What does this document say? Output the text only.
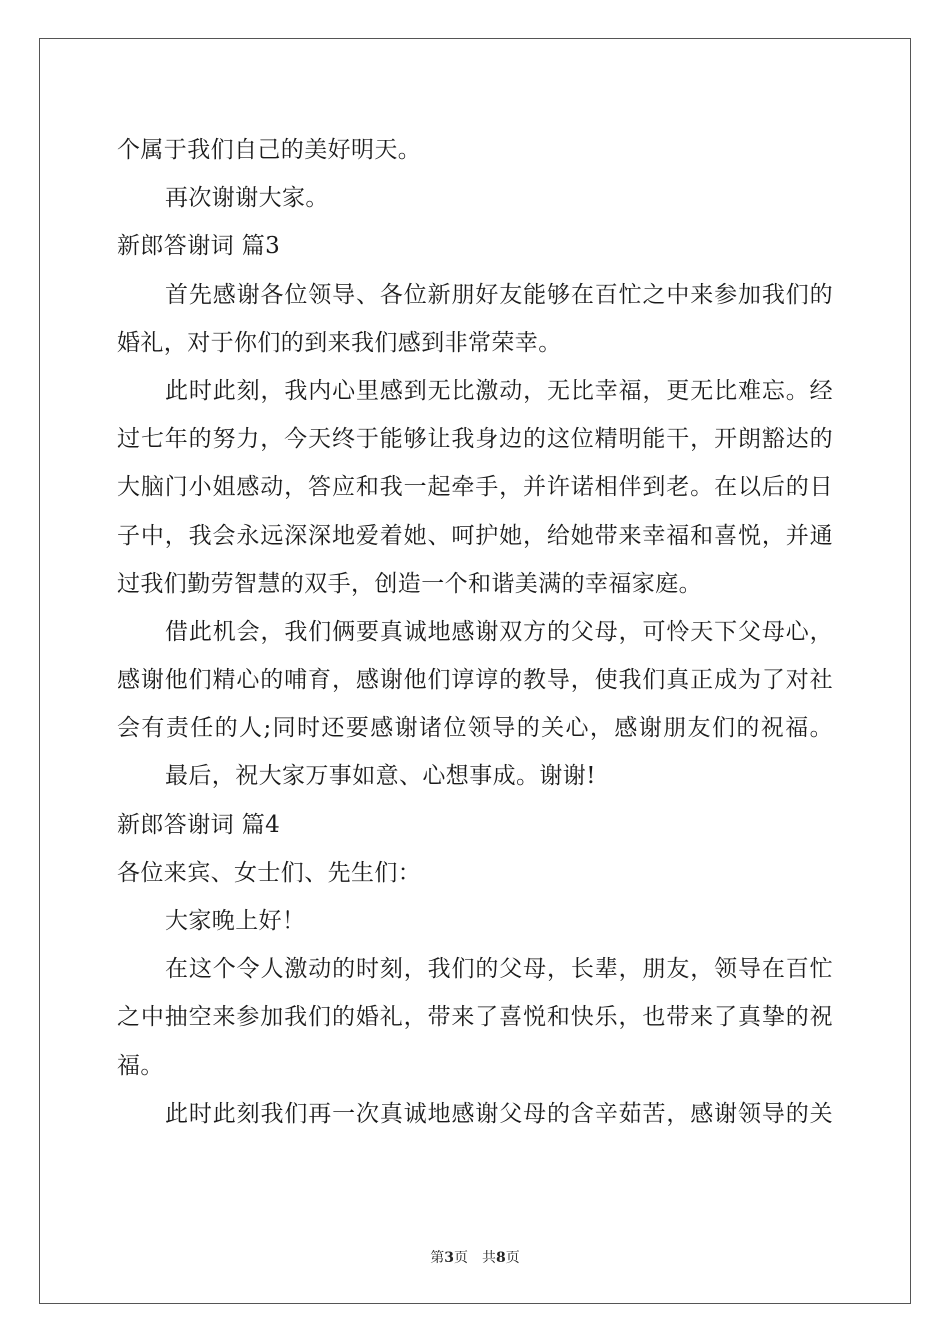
个属于我们自己的美好明天。
再次谢谢大家。
新郎答谢词 篇3
首先感谢各位领导、各位新朋好友能够在百忙之中来参加我们的
婚礼，对于你们的到来我们感到非常荣幸。
此时此刻，我内心里感到无比激动，无比幸福，更无比难忘。经
过七年的努力，今天终于能够让我身边的这位精明能干，开朗豁达的
大脑门小姐感动，答应和我一起牵手，并许诺相伴到老。在以后的日
子中，我会永远深深地爱着她、呵护她，给她带来幸福和喜悦，并通
过我们勤劳智慧的双手，创造一个和谐美满的幸福家庭。
借此机会，我们俩要真诚地感谢双方的父母，可怜天下父母心，
感谢他们精心的哺育，感谢他们谆谆的教导，使我们真正成为了对社
会有责任的人;同时还要感谢诸位领导的关心，感谢朋友们的祝福。
最后，祝大家万事如意、心想事成。谢谢!
新郎答谢词 篇4
各位来宾、女士们、先生们：
大家晚上好！
在这个令人激动的时刻，我们的父母，长辈，朋友，领导在百忙
之中抽空来参加我们的婚礼，带来了喜悦和快乐，也带来了真挚的祝
福。
此时此刻我们再一次真诚地感谢父母的含辛茹苦，感谢领导的关
第3页 共8页
